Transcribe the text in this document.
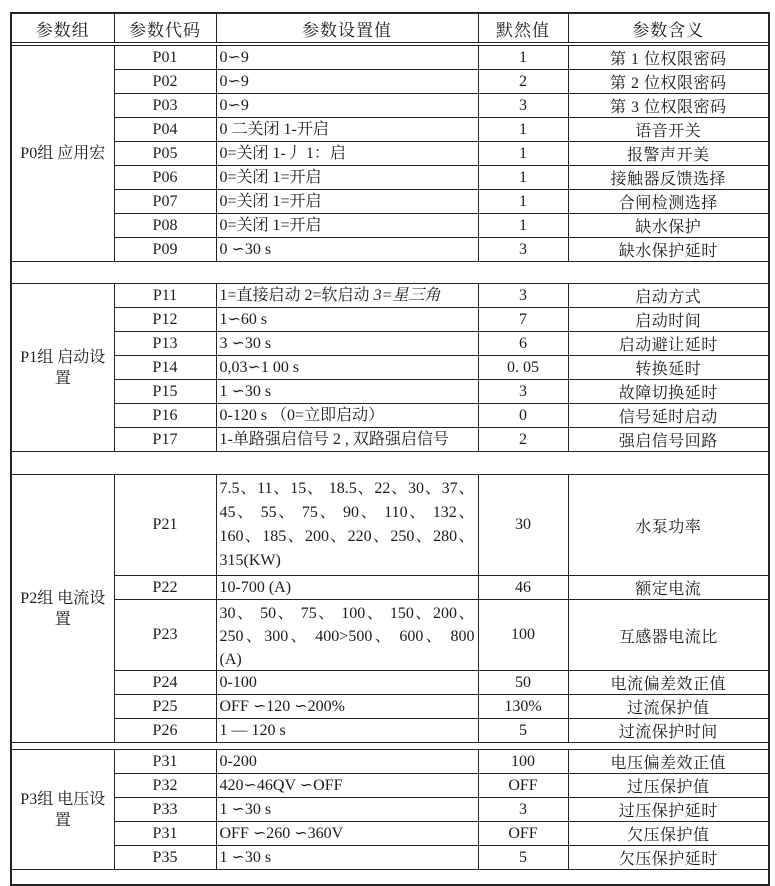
参数组	参数代码	参数设置值	默然值	参数含义

P0组 应用宏	P01	0∽9	1	第 1 位权限密码
	P02	0∽9	2	第 2 位权限密码
	P03	0∽9	3	第 3 位权限密码
	P04	0 二关闭 1-开启	1	语音开关
	P05	0=关闭 1-丿 1：启	1	报警声开美
	P06	0=关闭 1=开启	1	接触器反馈选择
	P07	0=关闭 1=开启	1	合闸检测选择
	P08	0=关闭 1=开启	1	缺水保护
	P09	0 ∽30 s	3	缺水保护延时

P1组 启动设置	P11	1=直接启动 2=软启动 3=星三角	3	启动方式
	P12	1∽60 s	7	启动时间
	P13	3 ∽30 s	6	启动避让延时
	P14	0,03∽1 00 s	0. 05	转换延时
	P15	1 ∽30 s	3	故障切换延时
	P16	0-120 s （0=立即启动）	0	信号延时启动
	P17	1-单路强启信号 2 , 双路强启信号	2	强启信号回路

P2组 电流设置	P21	7.5、11、15、 18.5、22、30、37、45、 55、 75、 90、 110、 132、160、185、200、220、250、280、315(KW)	30	水泵功率
	P22	10-700 (A)	46	额定电流
	P23	30、 50、 75、 100、 150、200、250、300、 400>500、 600、 800 (A)	100	互感器电流比
	P24	0-100	50	电流偏差效正值
	P25	OFF ∽120 ∽200%	130%	过流保护值
	P26	1 — 120 s	5	过流保护时间

P3组 电压设置	P31	0-200	100	电压偏差效正值
	P32	420∽46QV ∽OFF	OFF	过压保护值
	P33	1 ∽30 s	3	过压保护延时
	P31	OFF ∽260 ∽360V	OFF	欠压保护值
	P35	1 ∽30 s	5	欠压保护延时
